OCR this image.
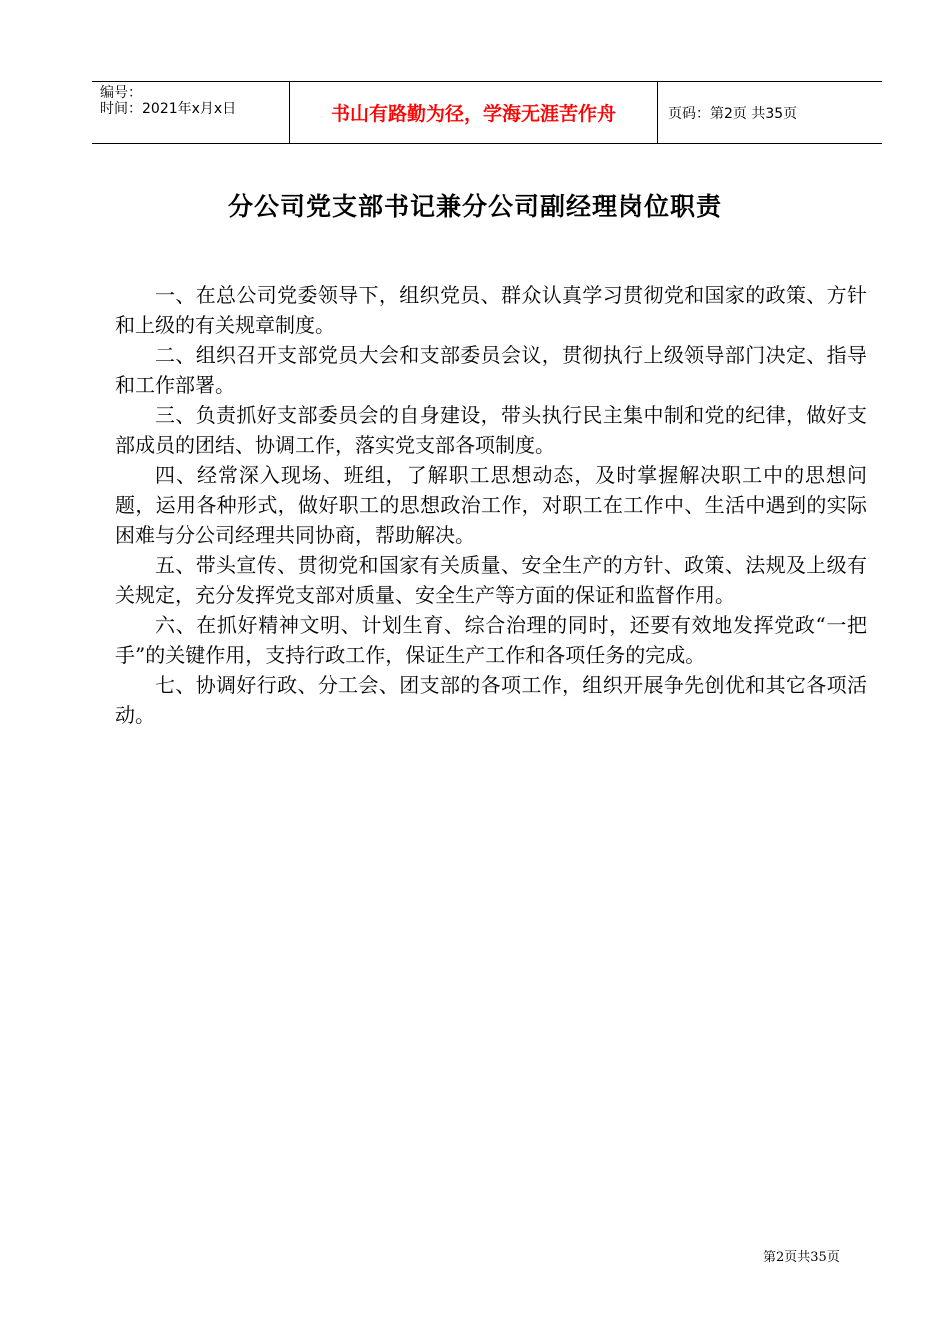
编号：
时间：2021年x月x日	书山有路勤为径，学海无涯苦作舟	页码：第2页 共35页
分公司党支部书记兼分公司副经理岗位职责

一、在总公司党委领导下，组织党员、群众认真学习贯彻党和国家的政策、方针和上级的有关规章制度。

二、组织召开支部党员大会和支部委员会议，贯彻执行上级领导部门决定、指导和工作部署。

三、负责抓好支部委员会的自身建设，带头执行民主集中制和党的纪律，做好支部成员的团结、协调工作，落实党支部各项制度。

四、经常深入现场、班组，了解职工思想动态，及时掌握解决职工中的思想问题，运用各种形式，做好职工的思想政治工作，对职工在工作中、生活中遇到的实际困难与分公司经理共同协商，帮助解决。

五、带头宣传、贯彻党和国家有关质量、安全生产的方针、政策、法规及上级有关规定，充分发挥党支部对质量、安全生产等方面的保证和监督作用。

六、在抓好精神文明、计划生育、综合治理的同时，还要有效地发挥党政“一把手”的关键作用，支持行政工作，保证生产工作和各项任务的完成。

七、协调好行政、分工会、团支部的各项工作，组织开展争先创优和其它各项活动。

第2页共35页
